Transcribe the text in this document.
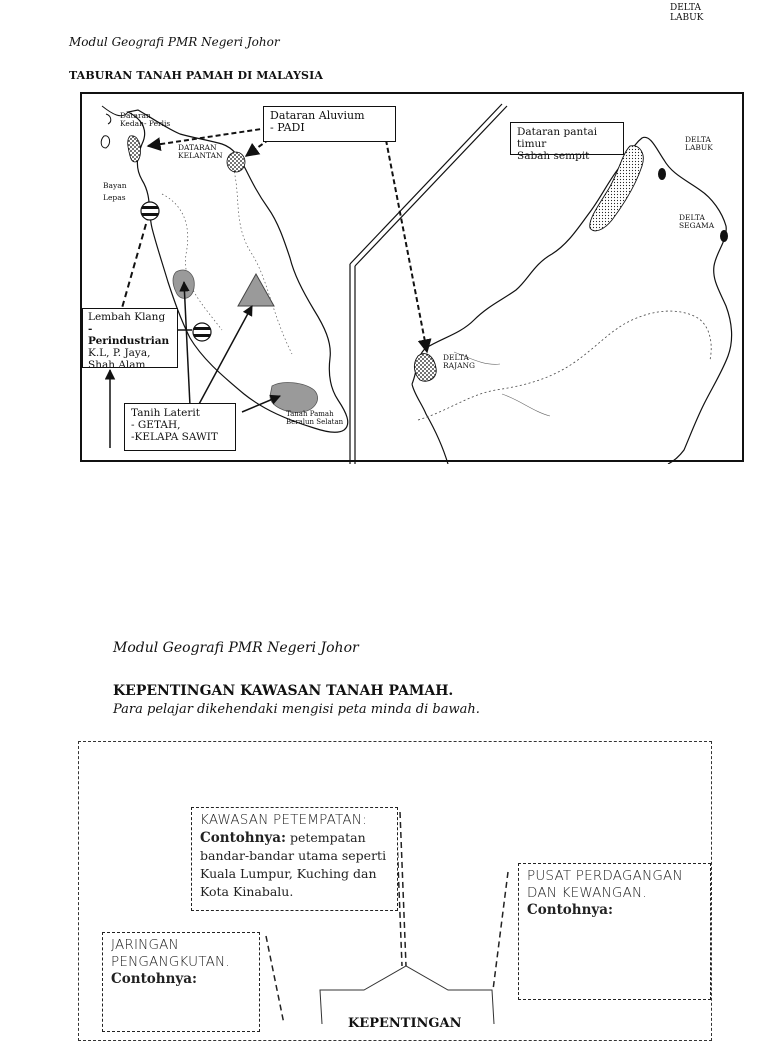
DELTA
LABUK
Modul Geografi PMR Negeri Johor
TABURAN TANAH PAMAH DI MALAYSIA
Dataran Aluvium
- PADI	Dataran pantai timur
Sabah sempit
Lembah Klang
-Perindustrian
K.L, P. Jaya,
Shah Alam
Tanih Laterit
- GETAH,
-KELAPA SAWIT
Dataran
Kedah- Perlis
DATARAN
KELANTAN
Bayan
Lepas
Tanah Pamah
Beralun Selatan
DELTA
LABUK
DELTA
SEGAMA
DELTA
RAJANG
Modul Geografi PMR Negeri Johor
KEPENTINGAN KAWASAN TANAH PAMAH.
Para pelajar dikehendaki mengisi peta minda di bawah.
KAWASAN PETEMPATAN:
Contohnya: petempatan bandar-bandar utama seperti Kuala Lumpur, Kuching dan Kota Kinabalu.
PUSAT PERDAGANGAN
DAN KEWANGAN.
Contohnya:
JARINGAN
PENGANGKUTAN.
Contohnya:
KEPENTINGAN
